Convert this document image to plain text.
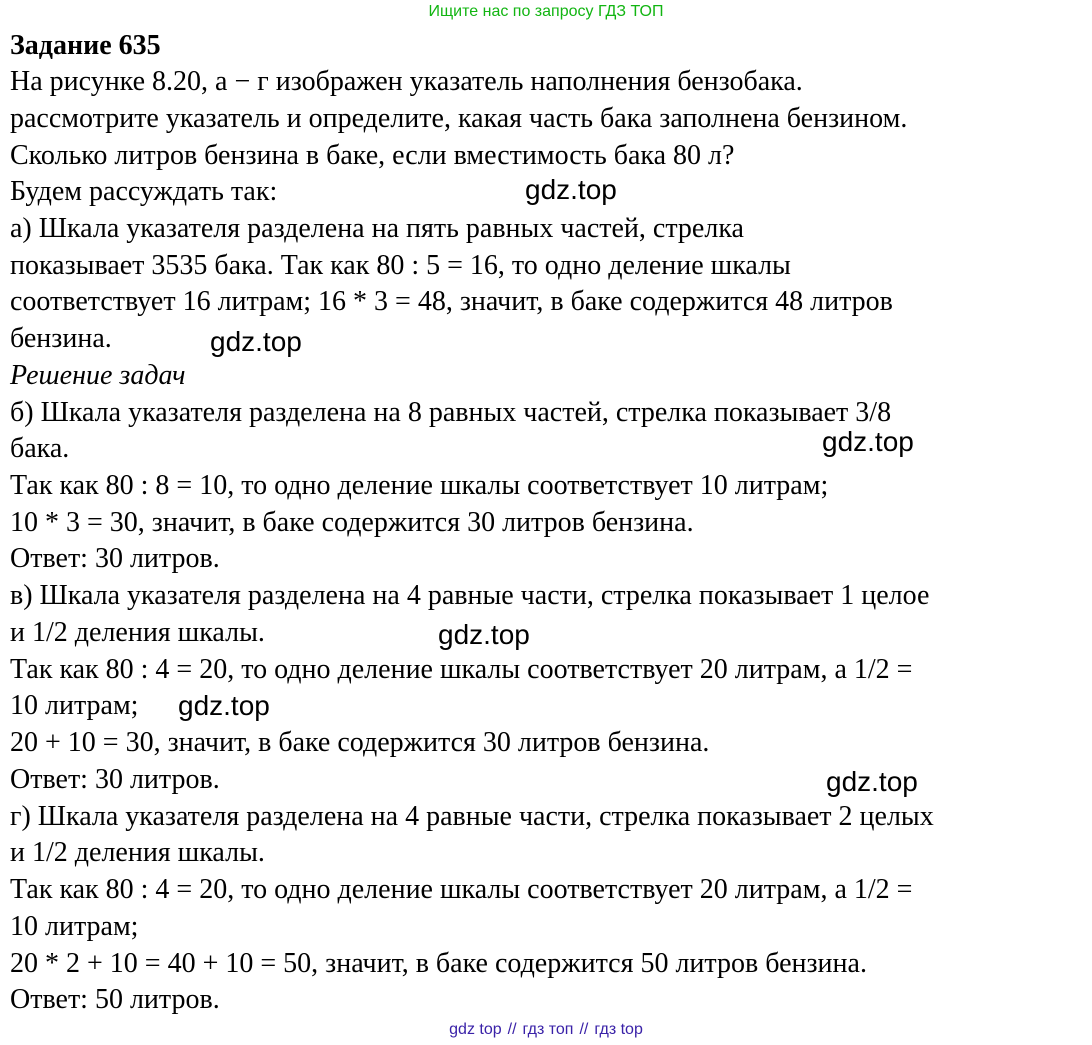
Ищите нас по запросу ГДЗ ТОП
Задание 635
На рисунке 8.20, а − г изображен указатель наполнения бензобака.
рассмотрите указатель и определите, какая часть бака заполнена бензином.
Сколько литров бензина в баке, если вместимость бака 80 л?
Будем рассуждать так:
а) Шкала указателя разделена на пять равных частей, стрелка
показывает 3535 бака. Так как 80 : 5 = 16, то одно деление шкалы
соответствует 16 литрам; 16 * 3 = 48, значит, в баке содержится 48 литров
бензина.
Решение задач
б) Шкала указателя разделена на 8 равных частей, стрелка показывает 3/8
бака.
Так как 80 : 8 = 10, то одно деление шкалы соответствует 10 литрам;
10 * 3 = 30, значит, в баке содержится 30 литров бензина.
Ответ: 30 литров.
в) Шкала указателя разделена на 4 равные части, стрелка показывает 1 целое
и 1/2 деления шкалы.
Так как 80 : 4 = 20, то одно деление шкалы соответствует 20 литрам, а 1/2 =
10 литрам;
20 + 10 = 30, значит, в баке содержится 30 литров бензина.
Ответ: 30 литров.
г) Шкала указателя разделена на 4 равные части, стрелка показывает 2 целых
и 1/2 деления шкалы.
Так как 80 : 4 = 20, то одно деление шкалы соответствует 20 литрам, а 1/2 =
10 литрам;
20 * 2 + 10 = 40 + 10 = 50, значит, в баке содержится 50 литров бензина.
Ответ: 50 литров.
gdz.top
gdz.top
gdz.top
gdz.top
gdz.top
gdz.top
gdz top // гдз топ // гдз top
